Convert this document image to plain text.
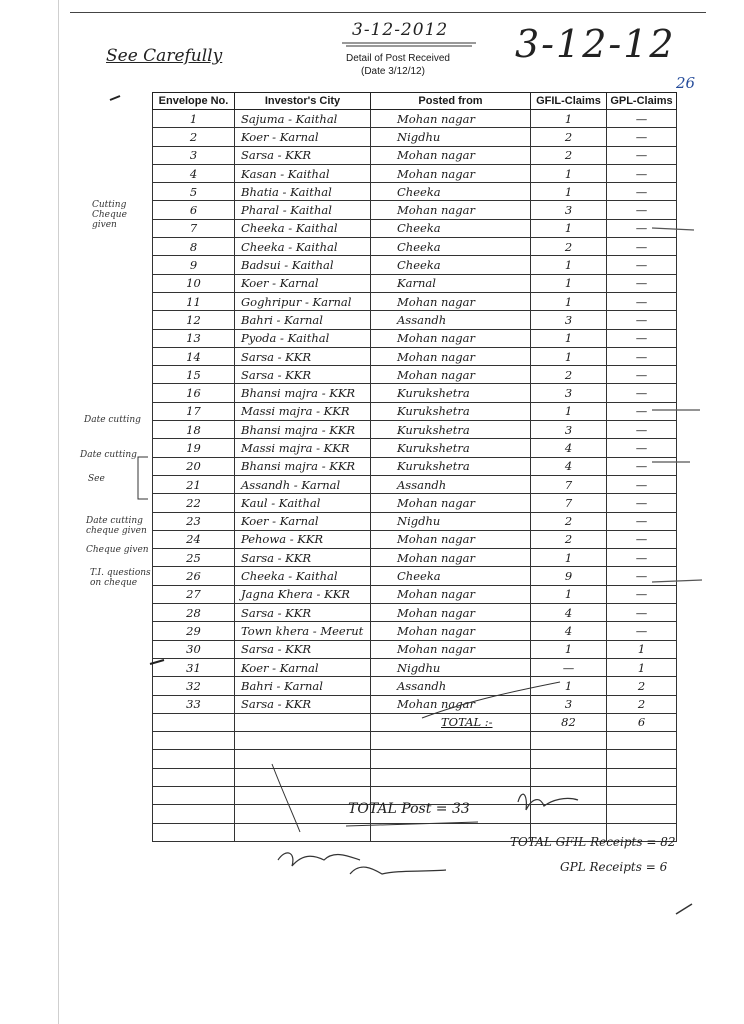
3-12-2012
Detail of Post Received
(Date 3/12/12)
3-12-12
26
See Carefully
Envelope No.	Investor's City	Posted from	GFIL-Claims	GPL-Claims
1	Sajuma - Kaithal	Mohan nagar	1	—
2	Koer - Karnal	Nigdhu	2	—
3	Sarsa - KKR	Mohan nagar	2	—
4	Kasan - Kaithal	Mohan nagar	1	—
5	Bhatia - Kaithal	Cheeka	1	—
6	Pharal - Kaithal	Mohan nagar	3	—
7	Cheeka - Kaithal	Cheeka	1	—
8	Cheeka - Kaithal	Cheeka	2	—
9	Badsui - Kaithal	Cheeka	1	—
10	Koer - Karnal	Karnal	1	—
11	Goghripur - Karnal	Mohan nagar	1	—
12	Bahri - Karnal	Assandh	3	—
13	Pyoda - Kaithal	Mohan nagar	1	—
14	Sarsa - KKR	Mohan nagar	1	—
15	Sarsa - KKR	Mohan nagar	2	—
16	Bhansi majra - KKR	Kurukshetra	3	—
17	Massi majra - KKR	Kurukshetra	1	—
18	Bhansi majra - KKR	Kurukshetra	3	—
19	Massi majra - KKR	Kurukshetra	4	—
20	Bhansi majra - KKR	Kurukshetra	4	—
21	Assandh - Karnal	Assandh	7	—
22	Kaul - Kaithal	Mohan nagar	7	—
23	Koer - Karnal	Nigdhu	2	—
24	Pehowa - KKR	Mohan nagar	2	—
25	Sarsa - KKR	Mohan nagar	1	—
26	Cheeka - Kaithal	Cheeka	9	—
27	Jagna Khera - KKR	Mohan nagar	1	—
28	Sarsa - KKR	Mohan nagar	4	—
29	Town khera - Meerut	Mohan nagar	4	—
30	Sarsa - KKR	Mohan nagar	1	1
31	Koer - Karnal	Nigdhu	—	1
32	Bahri - Karnal	Assandh	1	2
33	Sarsa - KKR	Mohan nagar	3	2
		TOTAL :-	82	6

Cutting Cheque given
Date cutting
Date cutting
See
Date cutting cheque given
Cheque given
T.I. questions on cheque
TOTAL Post = 33
TOTAL GFIL Receipts = 82
GPL Receipts = 6
